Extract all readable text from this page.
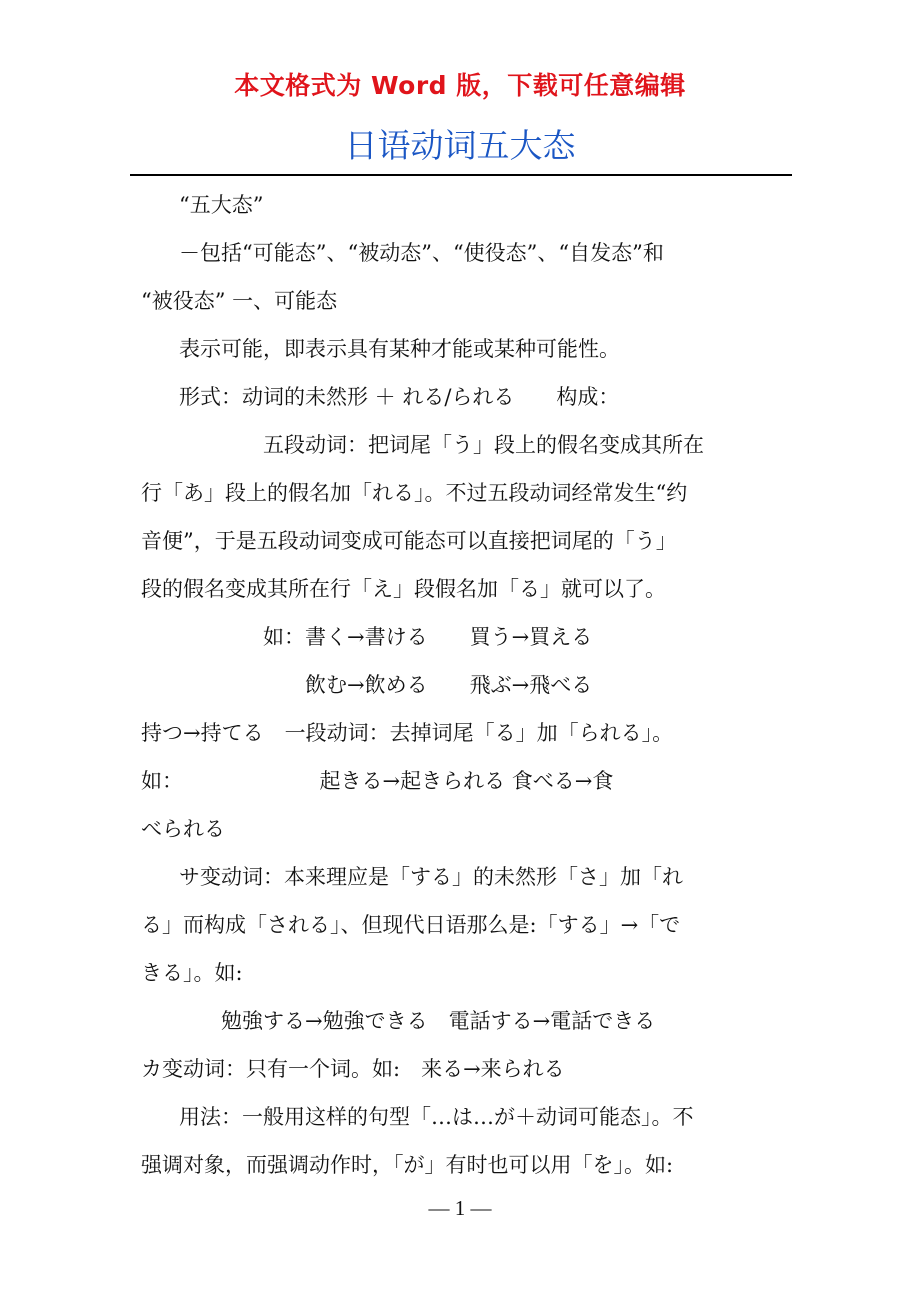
本文格式为 Word 版，下载可任意编辑
日语动词五大态

“五大态”

－包括“可能态”、“被动态”、“使役态”、“自发态”和

“被役态” 一、可能态

表示可能，即表示具有某种才能或某种可能性。

形式：动词的未然形 ＋ れる/られる　　构成：

　　　　五段动词：把词尾「う」段上的假名变成其所在

行「あ」段上的假名加「れる」。不过五段动词经常发生“约

音便”，于是五段动词变成可能态可以直接把词尾的「う」

段的假名变成其所在行「え」段假名加「る」就可以了。

　　　　如：書く→書ける　　買う→買える

　　　　　　飲む→飲める　　飛ぶ→飛べる

持つ→持てる　一段动词：去掉词尾「る」加「られる」。

如：　　　　　　　起きる→起きられる 食べる→食

べられる

サ变动词：本来理应是「する」的未然形「さ」加「れ

る」而构成「される」、但现代日语那么是:「する」→「で

きる」。如:

　　勉強する→勉強できる　電話する→電話できる

カ变动词：只有一个词。如:　来る→来られる

用法：一般用这样的句型「…は…が＋动词可能态」。不

强调对象，而强调动作时，「が」有时也可以用「を」。如:

— 1 —
